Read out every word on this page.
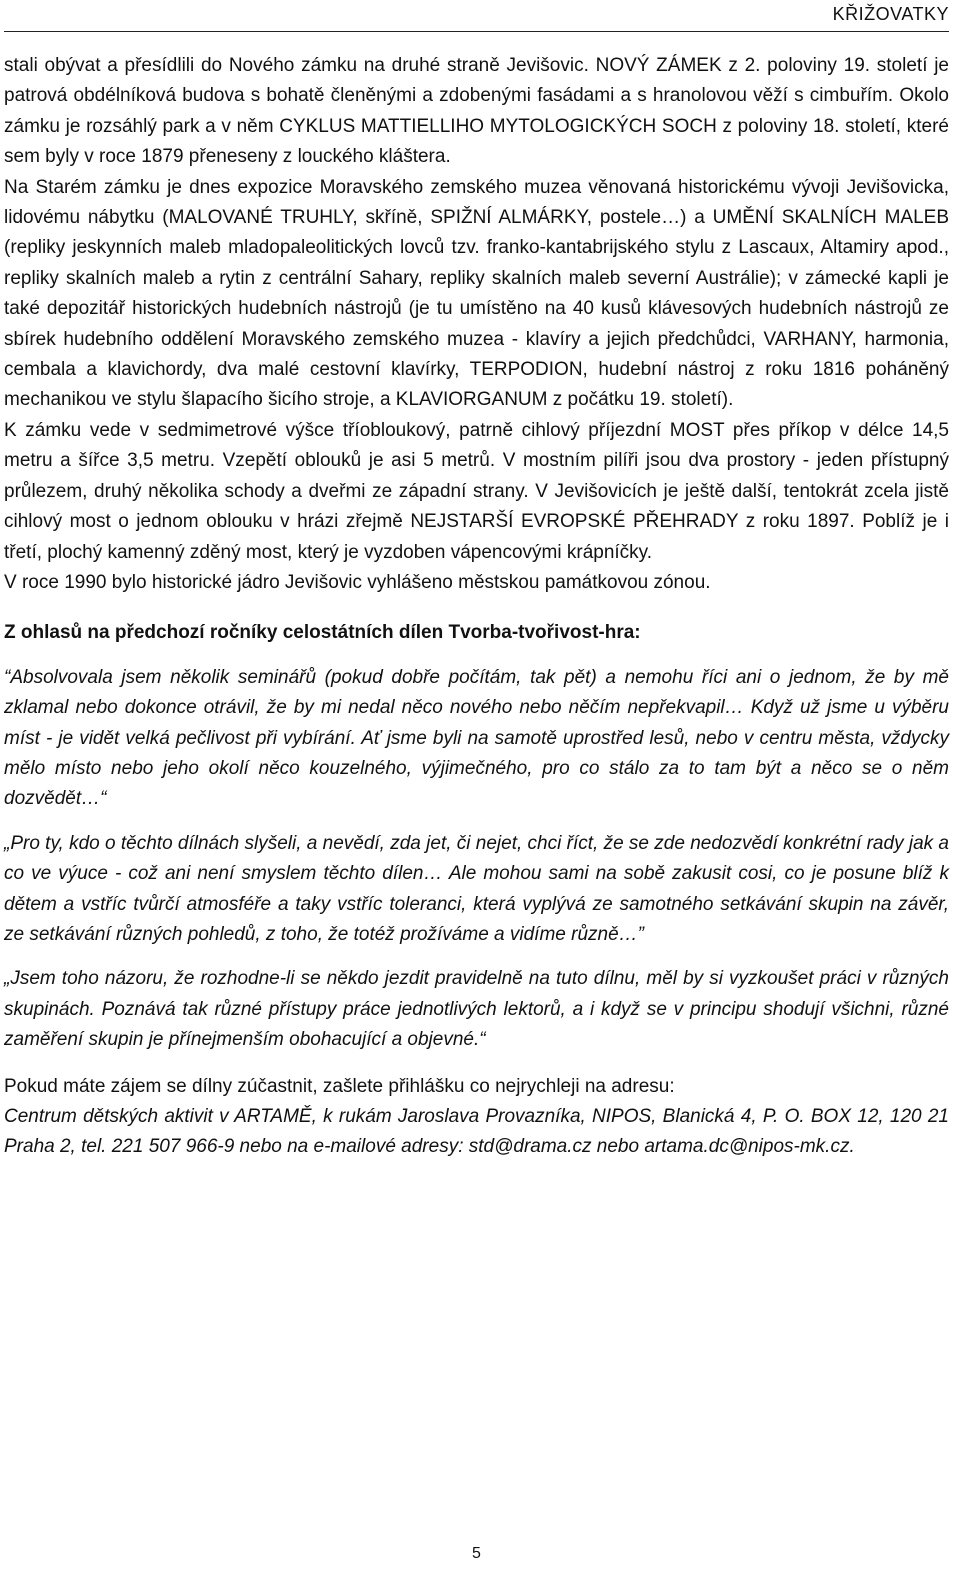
KŘIŽOVATKY

stali obývat a přesídlili do Nového zámku na druhé straně Jevišovic. NOVÝ ZÁMEK z 2. poloviny 19. století je patrová obdélníková budova s bohatě členěnými a zdobenými fasádami a s hranolovou věží s cimbuřím. Okolo zámku je rozsáhlý park a v něm CYKLUS MATTIELLIHO MYTOLOGICKÝCH SOCH z poloviny 18. století, které sem byly v roce 1879 přeneseny z louckého kláštera.

Na Starém zámku je dnes expozice Moravského zemského muzea věnovaná historickému vývoji Jevišovicka, lidovému nábytku (MALOVANÉ TRUHLY, skříně, SPIŽNÍ ALMÁRKY, postele…) a UMĚNÍ SKALNÍCH MALEB (repliky jeskynních maleb mladopaleolitických lovců tzv. franko-kantabrijského stylu z Lascaux, Altamiry apod., repliky skalních maleb a rytin z centrální Sahary, repliky skalních maleb severní Austrálie); v zámecké kapli je také depozitář historických hudebních nástrojů (je tu umístěno na 40 kusů klávesových hudebních nástrojů ze sbírek hudebního oddělení Moravského zemského muzea - klavíry a jejich předchůdci, VARHANY, harmonia, cembala a klavichordy, dva malé cestovní klavírky, TERPODION, hudební nástroj z roku 1816 poháněný mechanikou ve stylu šlapacího šicího stroje, a KLAVIORGANUM z počátku 19. století).

K zámku vede v sedmimetrové výšce tříobloukový, patrně cihlový příjezdní MOST přes příkop v délce 14,5 metru a šířce 3,5 metru. Vzepětí oblouků je asi 5 metrů. V mostním pilíři jsou dva prostory - jeden přístupný průlezem, druhý několika schody a dveřmi ze západní strany. V Jevišovicích je ještě další, tentokrát zcela jistě cihlový most o jednom oblouku v hrázi zřejmě NEJSTARŠÍ EVROPSKÉ PŘEHRADY z roku 1897. Poblíž je i třetí, plochý kamenný zděný most, který je vyzdoben vápencovými krápníčky.

V roce 1990 bylo historické jádro Jevišovic vyhlášeno městskou památkovou zónou.

Z ohlasů na předchozí ročníky celostátních dílen Tvorba-tvořivost-hra:

“Absolvovala jsem několik seminářů (pokud dobře počítám, tak pět) a nemohu říci ani o jednom, že by mě zklamal nebo dokonce otrávil, že by mi nedal něco nového nebo něčím nepřekvapil… Když už jsme u výběru míst - je vidět velká pečlivost při vybírání. Ať jsme byli na samotě uprostřed lesů, nebo v centru města, vždycky mělo místo nebo jeho okolí něco kouzelného, výjimečného, pro co stálo za to tam být a něco se o něm dozvědět…“

„Pro ty, kdo o těchto dílnách slyšeli, a nevědí, zda jet, či nejet, chci říct, že se zde nedozvědí konkrétní rady jak a co ve výuce - což ani není smyslem těchto dílen… Ale mohou sami na sobě zakusit cosi, co je posune blíž k dětem a vstříc tvůrčí atmosféře a taky vstříc toleranci, která vyplývá ze samotného setkávání skupin na závěr, ze setkávání různých pohledů, z toho, že totéž prožíváme a vidíme různě…”

„Jsem toho názoru, že rozhodne-li se někdo jezdit pravidelně na tuto dílnu, měl by si vyzkoušet práci v různých skupinách. Poznává tak různé přístupy práce jednotlivých lektorů, a i když se v principu shodují všichni, různé zaměření skupin je přínejmenším obohacující a objevné.“

Pokud máte zájem se dílny zúčastnit, zašlete přihlášku co nejrychleji na adresu:

Centrum dětských aktivit v ARTAMĚ, k rukám Jaroslava Provazníka, NIPOS, Blanická 4, P. O. BOX 12, 120 21 Praha 2, tel. 221 507 966-9 nebo na e-mailové adresy: std@drama.cz nebo artama.dc@nipos-mk.cz.

5
